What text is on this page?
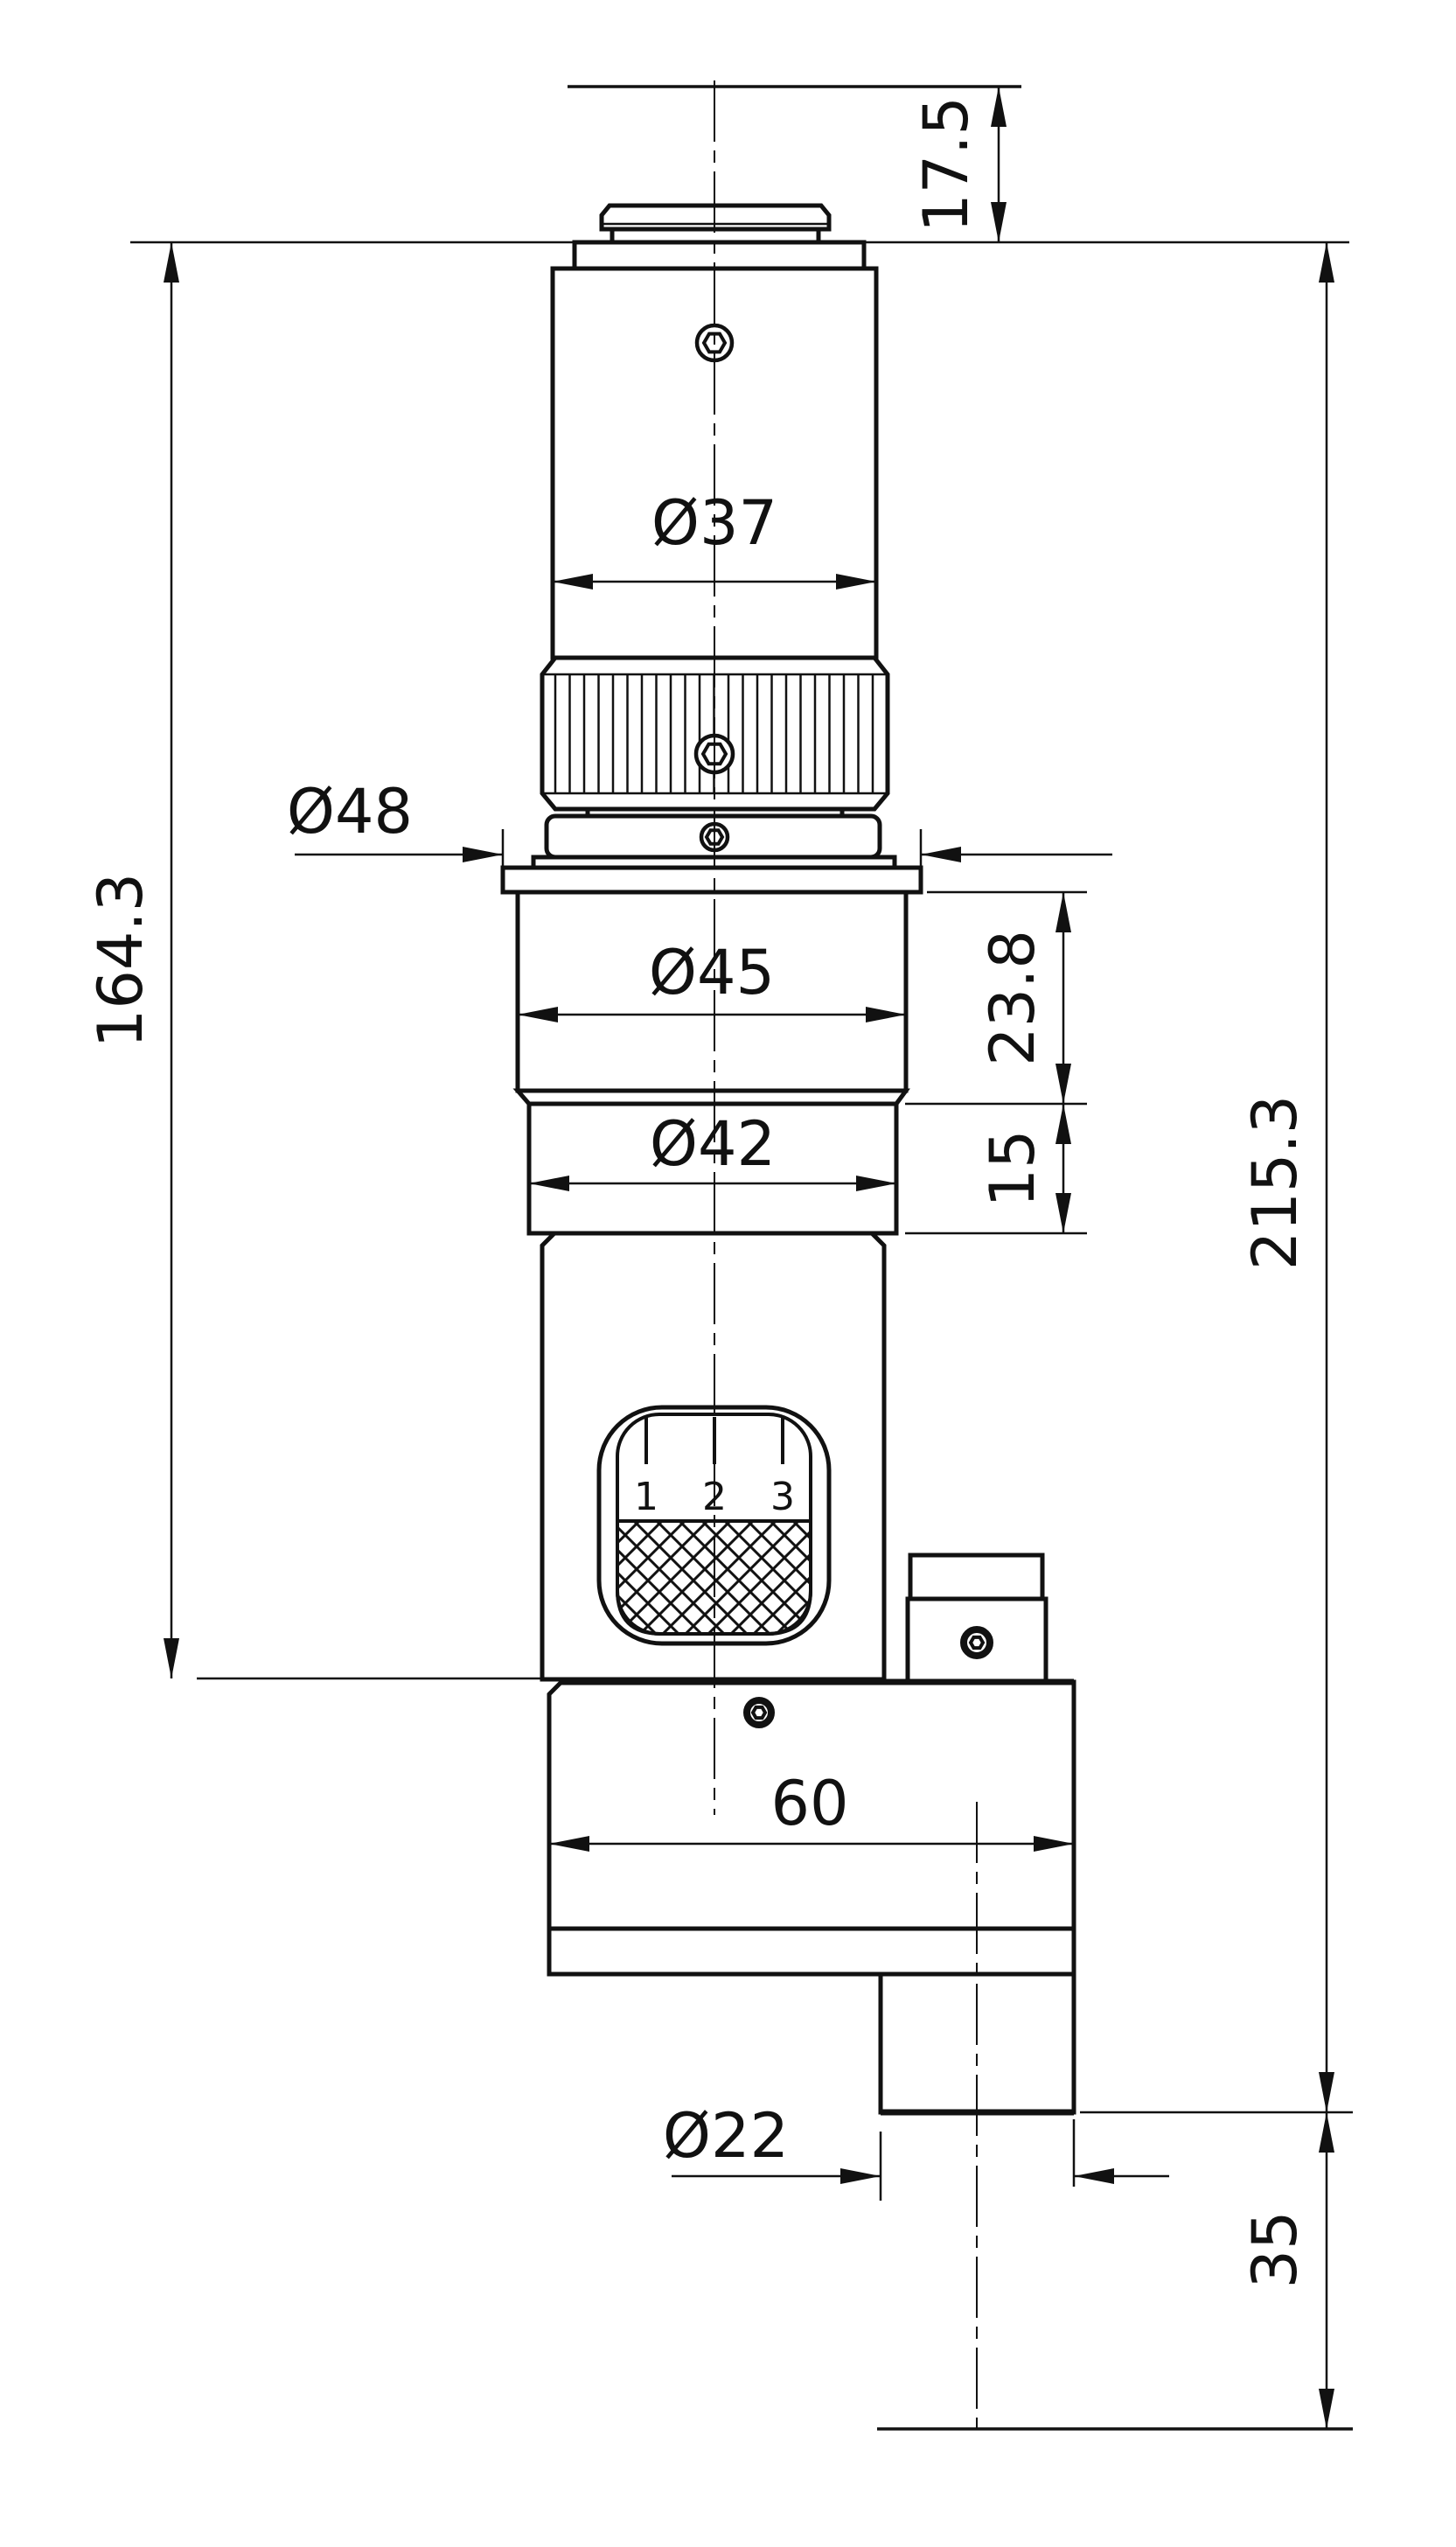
1 2 3
17.5
Ø37
Ø48
164.3	Ø45	23.8
Ø42	15	215.3
60
Ø22
35
